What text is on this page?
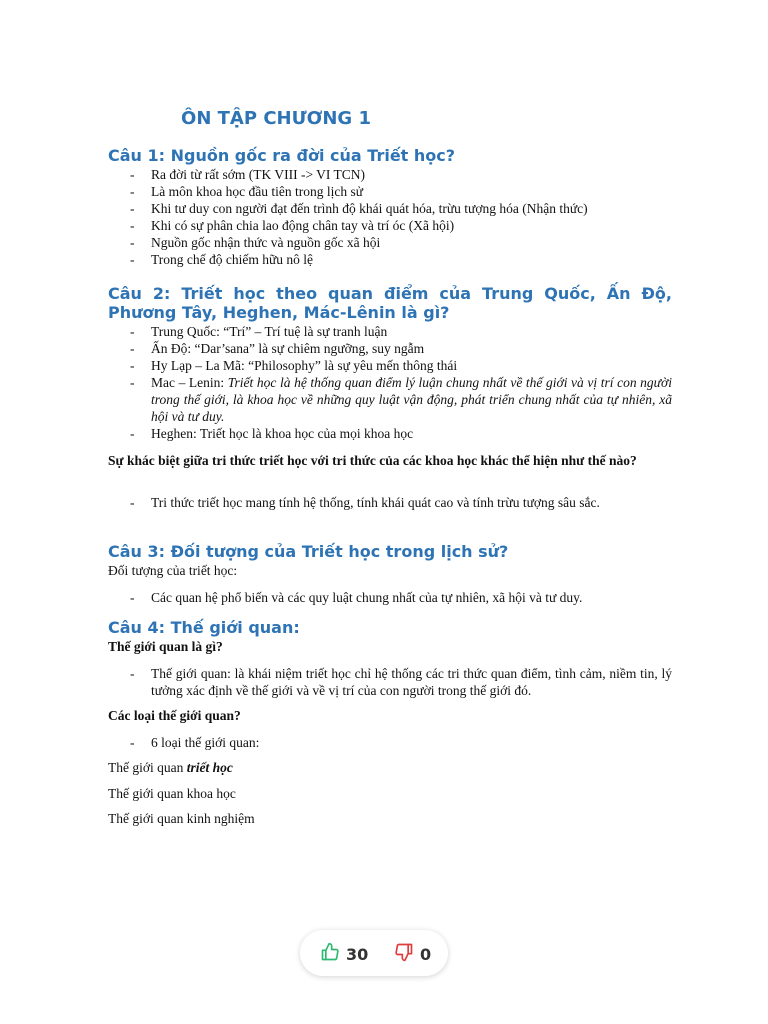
ÔN TẬP CHƯƠNG 1
Câu 1: Nguồn gốc ra đời của Triết học?
- Ra đời từ rất sớm (TK VIII -> VI TCN)
- Là môn khoa học đầu tiên trong lịch sử
- Khi tư duy con người đạt đến trình độ khái quát hóa, trừu tượng hóa (Nhận thức)
- Khi có sự phân chia lao động chân tay và trí óc (Xã hội)
- Nguồn gốc nhận thức và nguồn gốc xã hội
- Trong chế độ chiếm hữu nô lệ
Câu 2: Triết học theo quan điểm của Trung Quốc, Ấn Độ, Phương Tây, Heghen, Mác-Lênin là gì?
- Trung Quốc: “Trí” – Trí tuệ là sự tranh luận
- Ấn Độ: “Dar’sana” là sự chiêm ngưỡng, suy ngẫm
- Hy Lạp – La Mã: “Philosophy” là sự yêu mến thông thái
- Mac – Lenin: Triết học là hệ thống quan điểm lý luận chung nhất về thế giới và vị trí con người trong thế giới, là khoa học về những quy luật vận động, phát triển chung nhất của tự nhiên, xã hội và tư duy.
- Heghen: Triết học là khoa học của mọi khoa học
Sự khác biệt giữa tri thức triết học với tri thức của các khoa học khác thể hiện như thế nào?
- Tri thức triết học mang tính hệ thống, tính khái quát cao và tính trừu tượng sâu sắc.
Câu 3: Đối tượng của Triết học trong lịch sử?
Đối tượng của triết học:
- Các quan hệ phổ biến và các quy luật chung nhất của tự nhiên, xã hội và tư duy.
Câu 4: Thế giới quan:
Thế giới quan là gì?
- Thế giới quan: là khái niệm triết học chỉ hệ thống các tri thức quan điểm, tình cảm, niềm tin, lý tưởng xác định về thế giới và về vị trí của con người trong thế giới đó.
Các loại thế giới quan?
- 6 loại thế giới quan:
Thế giới quan triết học
Thế giới quan khoa học
Thế giới quan kinh nghiệm
30	0
